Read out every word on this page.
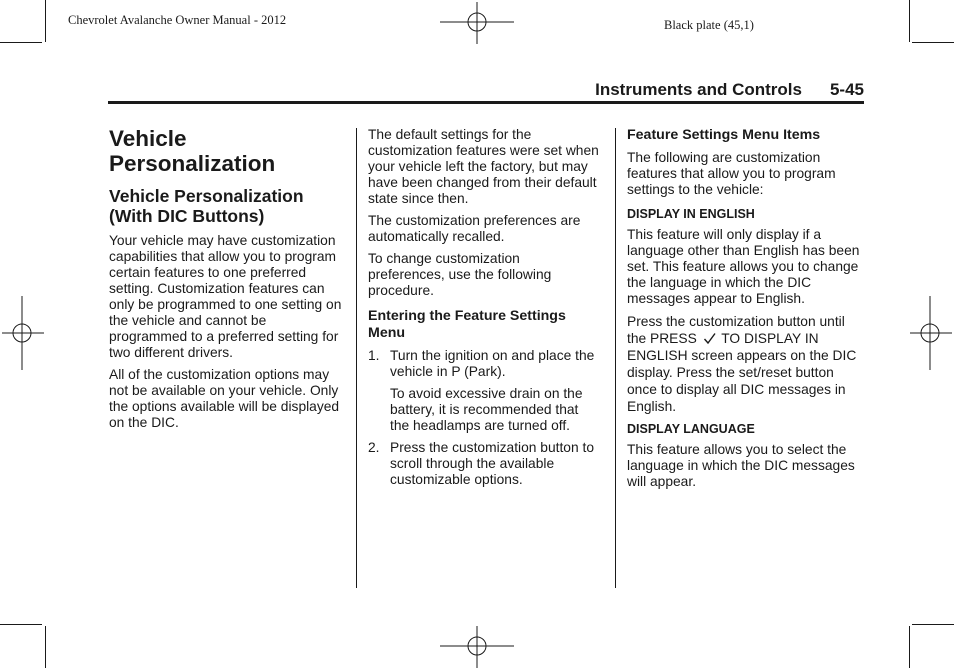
Chevrolet Avalanche Owner Manual - 2012	Black plate (45,1)
Instruments and Controls 5-45
Vehicle Personalization
Vehicle Personalization (With DIC Buttons)

Your vehicle may have customization capabilities that allow you to program certain features to one preferred setting. Customization features can only be programmed to one setting on the vehicle and cannot be programmed to a preferred setting for two different drivers.

All of the customization options may not be available on your vehicle. Only the options available will be displayed on the DIC.

The default settings for the customization features were set when your vehicle left the factory, but may have been changed from their default state since then.

The customization preferences are automatically recalled.

To change customization preferences, use the following procedure.

Entering the Feature Settings Menu
1. Turn the ignition on and place the vehicle in P (Park).

To avoid excessive drain on the battery, it is recommended that the headlamps are turned off.

2. Press the customization button to scroll through the available customizable options.
Feature Settings Menu Items

The following are customization features that allow you to program settings to the vehicle:

DISPLAY IN ENGLISH

This feature will only display if a language other than English has been set. This feature allows you to change the language in which the DIC messages appear to English.

Press the customization button until the PRESS TO DISPLAY IN ENGLISH screen appears on the DIC display. Press the set/reset button once to display all DIC messages in English.

DISPLAY LANGUAGE

This feature allows you to select the language in which the DIC messages will appear.
